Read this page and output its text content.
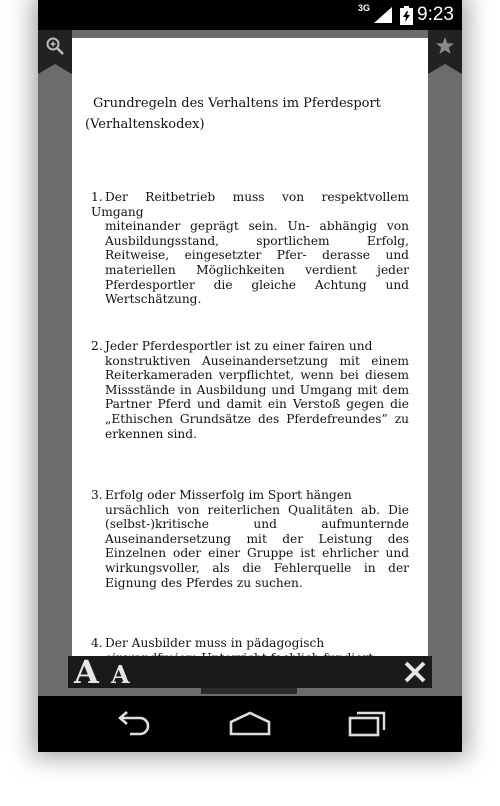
3G 9:23
Grundregeln des Verhaltens im Pferdesport
(Verhaltenskodex)

1. Der Reitbetrieb muss von respektvollem Umgang
miteinander geprägt sein. Un- abhängig von Ausbildungsstand, sportlichem Erfolg, Reitweise, eingesetzter Pfer- derasse und materiellen Möglichkeiten verdient jeder Pferdesportler die gleiche Achtung und Wertschätzung.

2. Jeder Pferdesportler ist zu einer fairen und
konstruktiven Auseinandersetzung mit einem Reiterkameraden verpflichtet, wenn bei diesem Missstände in Ausbildung und Umgang mit dem Partner Pferd und damit ein Verstoß gegen die „Ethischen Grundsätze des Pferdefreundes” zu erkennen sind.

3. Erfolg oder Misserfolg im Sport hängen
ursächlich von reiterlichen Qualitäten ab. Die (selbst-)kritische und aufmunternde Auseinandersetzung mit der Leistung des Einzelnen oder einer Gruppe ist ehrlicher und wirkungsvoller, als die Fehlerquelle in der Eignung des Pferdes zu suchen.

4. Der Ausbilder muss in pädagogisch

A A
